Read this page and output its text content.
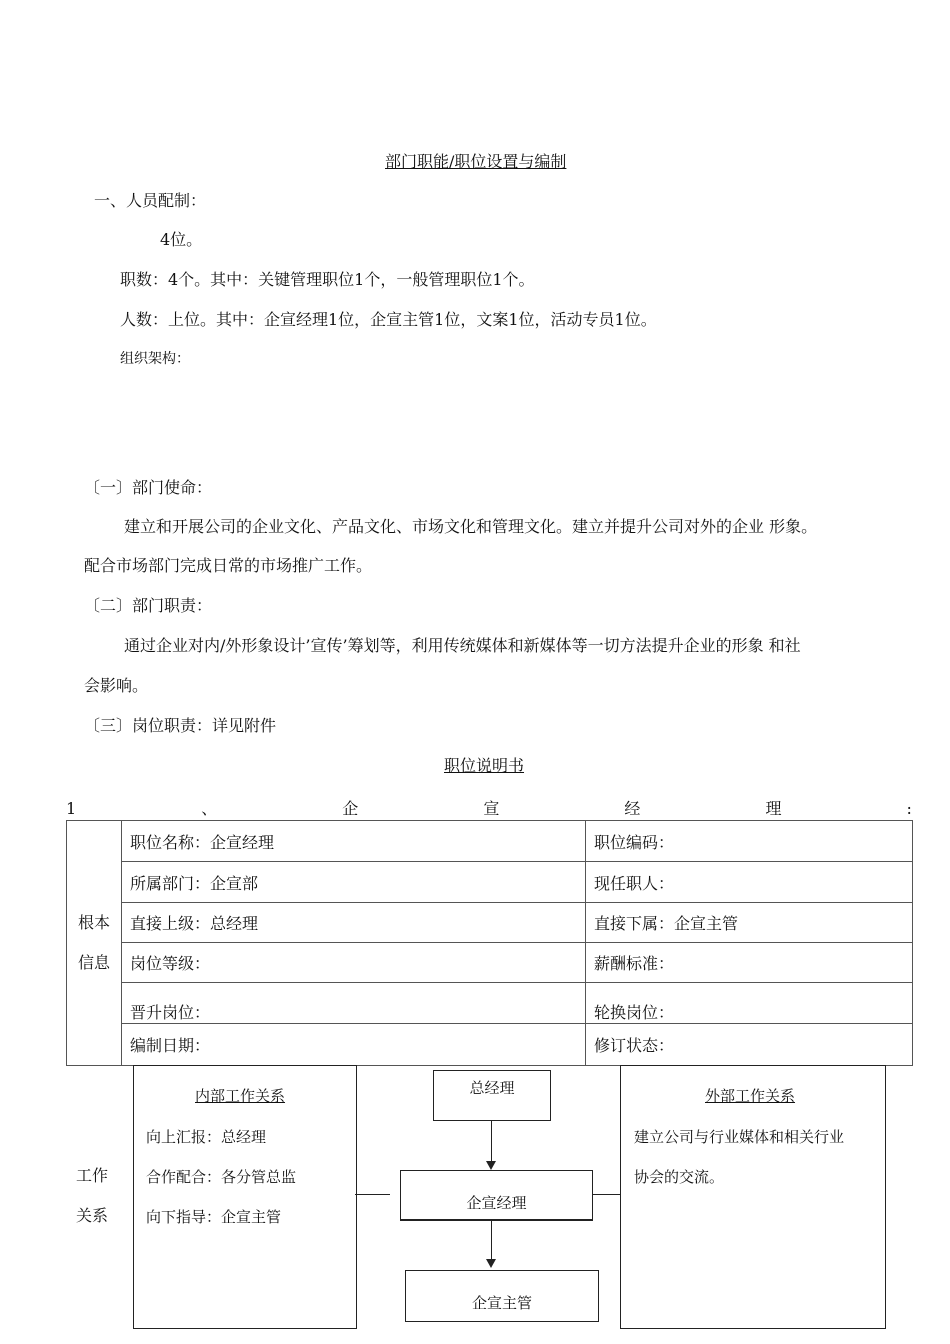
部门职能/职位设置与编制
一、人员配制：
4位。
职数：4个。其中：关键管理职位1个，一般管理职位1个。
人数：上位。其中：企宣经理1位，企宣主管1位，文案1位，活动专员1位。
组织架构：
〔一〕部门使命：
建立和开展公司的企业文化、产品文化、市场文化和管理文化。建立并提升公司对外的企业 形象。
配合市场部门完成日常的市场推广工作。
〔二〕部门职责：
通过企业对内/外形象设计’宣传’筹划等，利用传统媒体和新媒体等一切方法提升企业的形象 和社
会影响。
〔三〕岗位职责：详见附件
职位说明书
1	、	企	宣	经	理	:
根本
信息	职位名称：企宣经理	职位编码：
	所属部门：企宣部	现任职人：
	直接上级：总经理	直接下属：企宣主管
	岗位等级：	薪酬标准：
	晋升岗位：	轮换岗位：
	编制日期：	修订状态：
工作
关系
内部工作关系
向上汇报：总经理
合作配合：各分管总监
向下指导：企宣主管
总经理
企宣经理
企宣主管
外部工作关系
建立公司与行业媒体和相关行业
协会的交流。
